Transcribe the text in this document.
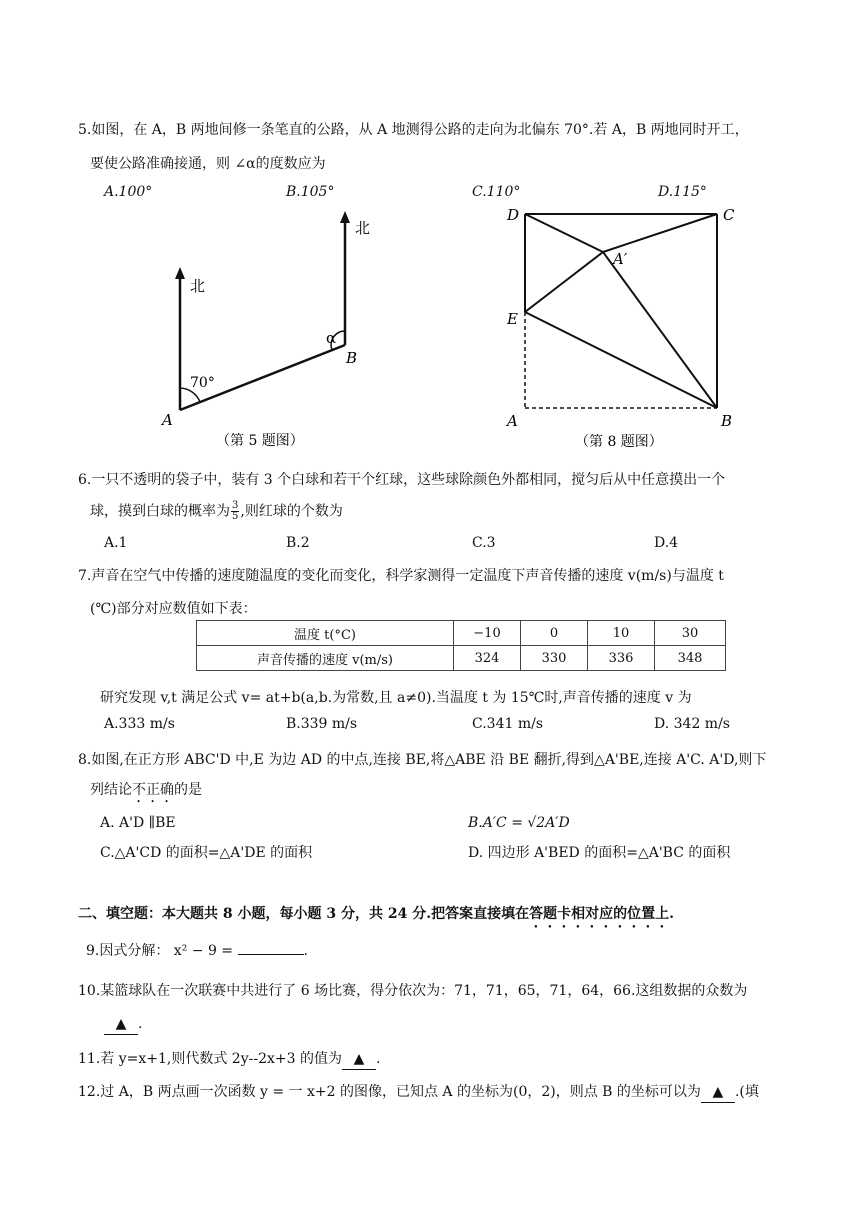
5.如图，在 A，B 两地间修一条笔直的公路，从 A 地测得公路的走向为北偏东 70°.若 A，B 两地同时开工，
要使公路准确接通，则 ∠α的度数应为
A.100°	B.105°	C.110°	D.115°
北
北
70°
α
A
B
（第 5 题图）
D	C
A′
E
A	B
（第 8 题图）
6.一只不透明的袋子中，装有 3 个白球和若干个红球，这些球除颜色外都相同，搅匀后从中任意摸出一个
球，摸到白球的概率为 $\frac{3}{5}$ ,则红球的个数为
A.1	B.2	C.3	D.4
7.声音在空气中传播的速度随温度的变化而变化，科学家测得一定温度下声音传播的速度 v(m/s)与温度 t
(℃)部分对应数值如下表：
温度 t(°C)	−10	0	10	30
声音传播的速度 v(m/s)	324	330	336	348
研究发现 v,t 满足公式 v= at+b(a,b.为常数,且 a≠0).当温度 t 为 15℃时,声音传播的速度 v 为
A.333 m/s	B.339 m/s	C.341 m/s	D. 342 m/s
8.如图,在正方形 ABC'D 中,E 为边 AD 的中点,连接 BE,将△ABE 沿 BE 翻折,得到△A'BE,连接 A'C. A'D,则下
列结论不正确的是
A. A'D ∥BE	B.A′C = √2A′D
C.△A'CD 的面积=△A'DE 的面积	D. 四边形 A'BED 的面积=△A'BC 的面积
二、填空题：本大题共 8 小题，每小题 3 分，共 24 分.把答案直接填在答题卡相对应的位置上.
9.因式分解： x² − 9 =	.
10.某篮球队在一次联赛中共进行了 6 场比赛，得分依次为：71，71，65，71，64，66.这组数据的众数为
▲ .
11.若 y=x+1,则代数式 2y--2x+3 的值为 ▲ .
12.过 A，B 两点画一次函数 y = 一 x+2 的图像，已知点 A 的坐标为(0，2)，则点 B 的坐标可以为 ▲ .(填
